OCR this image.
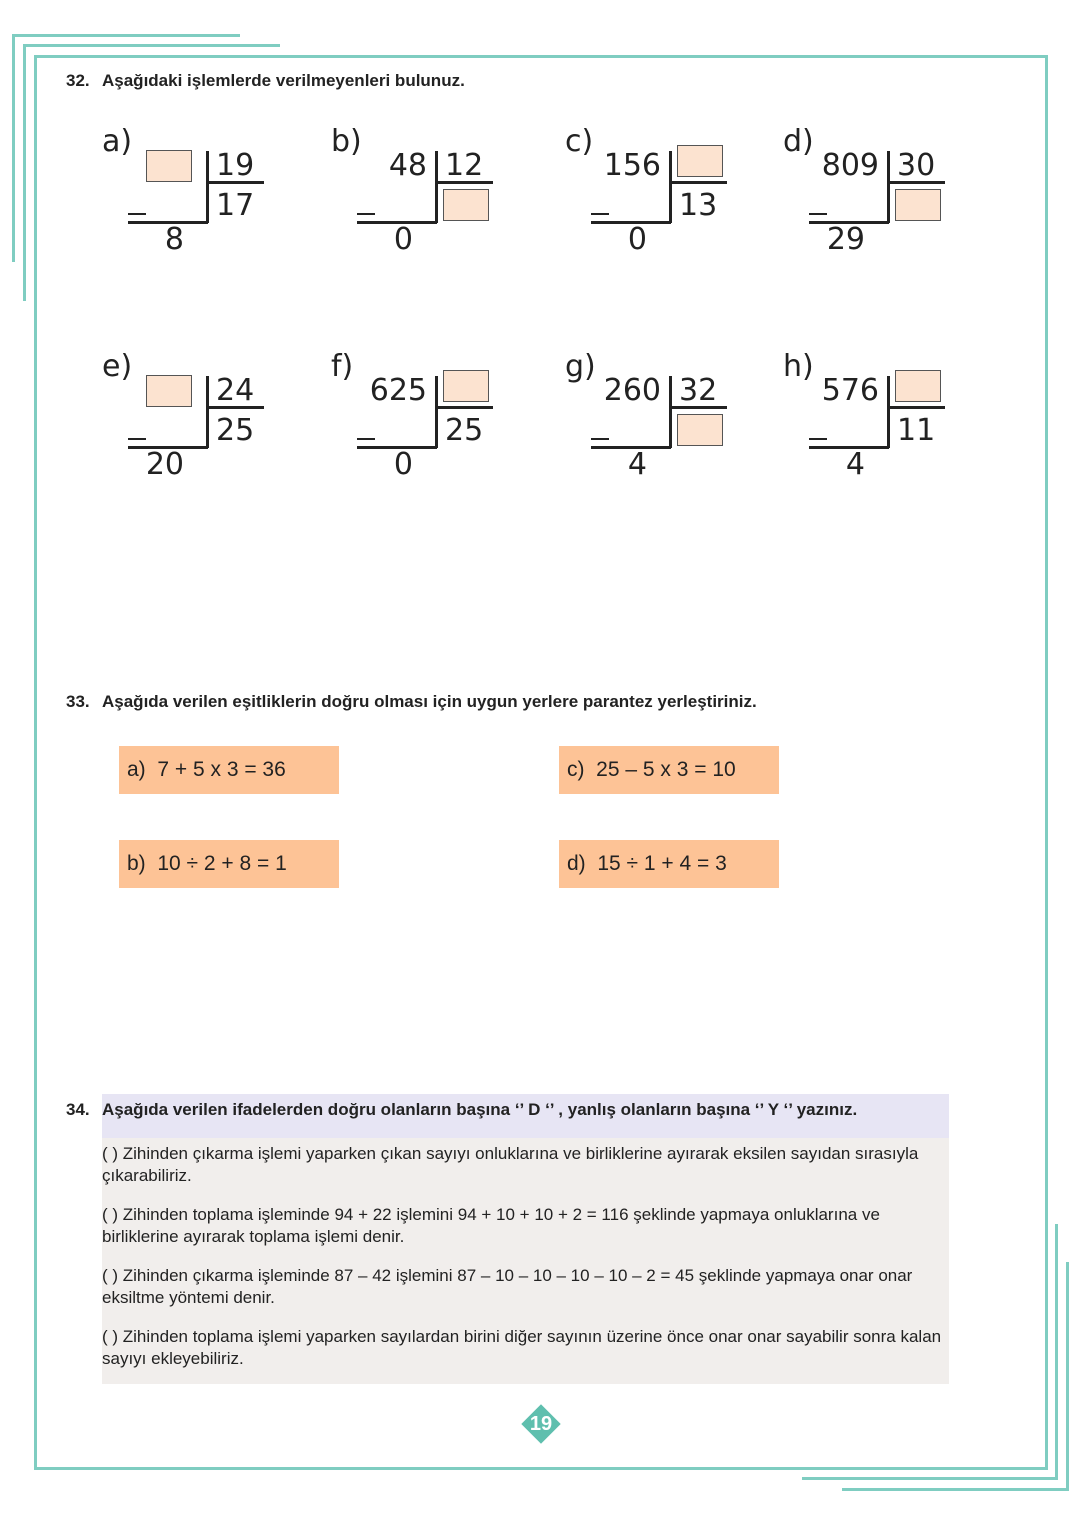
32. Aşağıdaki işlemlerde verilmeyenleri bulunuz.
a)
19
17
8
b)
48 12
0
c)
156
13
0
d)
809 30
29
e)
24
25
20
f)
625
25
0
g)
260 32
4
h)
576
11
4
33. Aşağıda verilen eşitliklerin doğru olması için uygun yerlere parantez yerleştiriniz.
a) 7 + 5 x 3 = 36
b) 10 ÷ 2 + 8 = 1
c) 25 – 5 x 3 = 10
d) 15 ÷ 1 + 4 = 3
34. Aşağıda verilen ifadelerden doğru olanların başına ‘’ D ‘’ , yanlış olanların başına ‘’ Y ‘’ yazınız.
( ) Zihinden çıkarma işlemi yaparken çıkan sayıyı onluklarına ve birliklerine ayırarak eksilen sayıdan sırasıyla çıkarabiliriz.
( ) Zihinden toplama işleminde 94 + 22 işlemini 94 + 10 + 10 + 2 = 116 şeklinde yapmaya onluklarına ve birliklerine ayırarak toplama işlemi denir.
( ) Zihinden çıkarma işleminde 87 – 42 işlemini 87 – 10 – 10 – 10 – 10 – 2 = 45 şeklinde yapmaya onar onar eksiltme yöntemi denir.
( ) Zihinden toplama işlemi yaparken sayılardan birini diğer sayının üzerine önce onar onar sayabilir sonra kalan sayıyı ekleyebiliriz.
19
